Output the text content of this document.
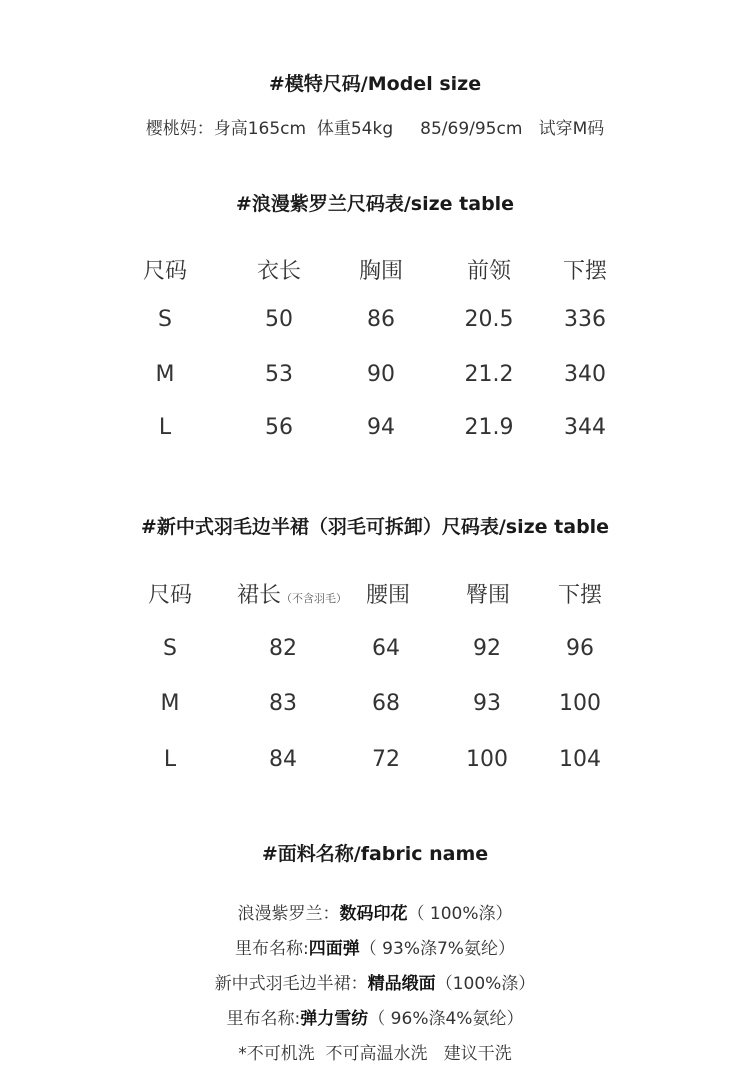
#模特尺码/Model size
樱桃妈：身高165cm  体重54kg     85/69/95cm   试穿M码
#浪漫紫罗兰尺码表/size table
尺码	衣长	胸围	前领 下摆
S	50	86	20.5 336
M	53	90	21.2 340
L	56	94	21.9 344
#新中式羽毛边半裙（羽毛可拆卸）尺码表/size table
尺码 裙长（不含羽毛） 腰围	臀围 下摆
S	82	64	92	96
M	83	68	93	100
L	84	72	100 104
#面料名称/fabric name
浪漫紫罗兰：数码印花（ 100%涤）
里布名称:四面弹（ 93%涤7%氨纶）
新中式羽毛边半裙：精品缎面（100%涤）
里布名称:弹力雪纺（ 96%涤4%氨纶）
*不可机洗  不可高温水洗   建议干洗
